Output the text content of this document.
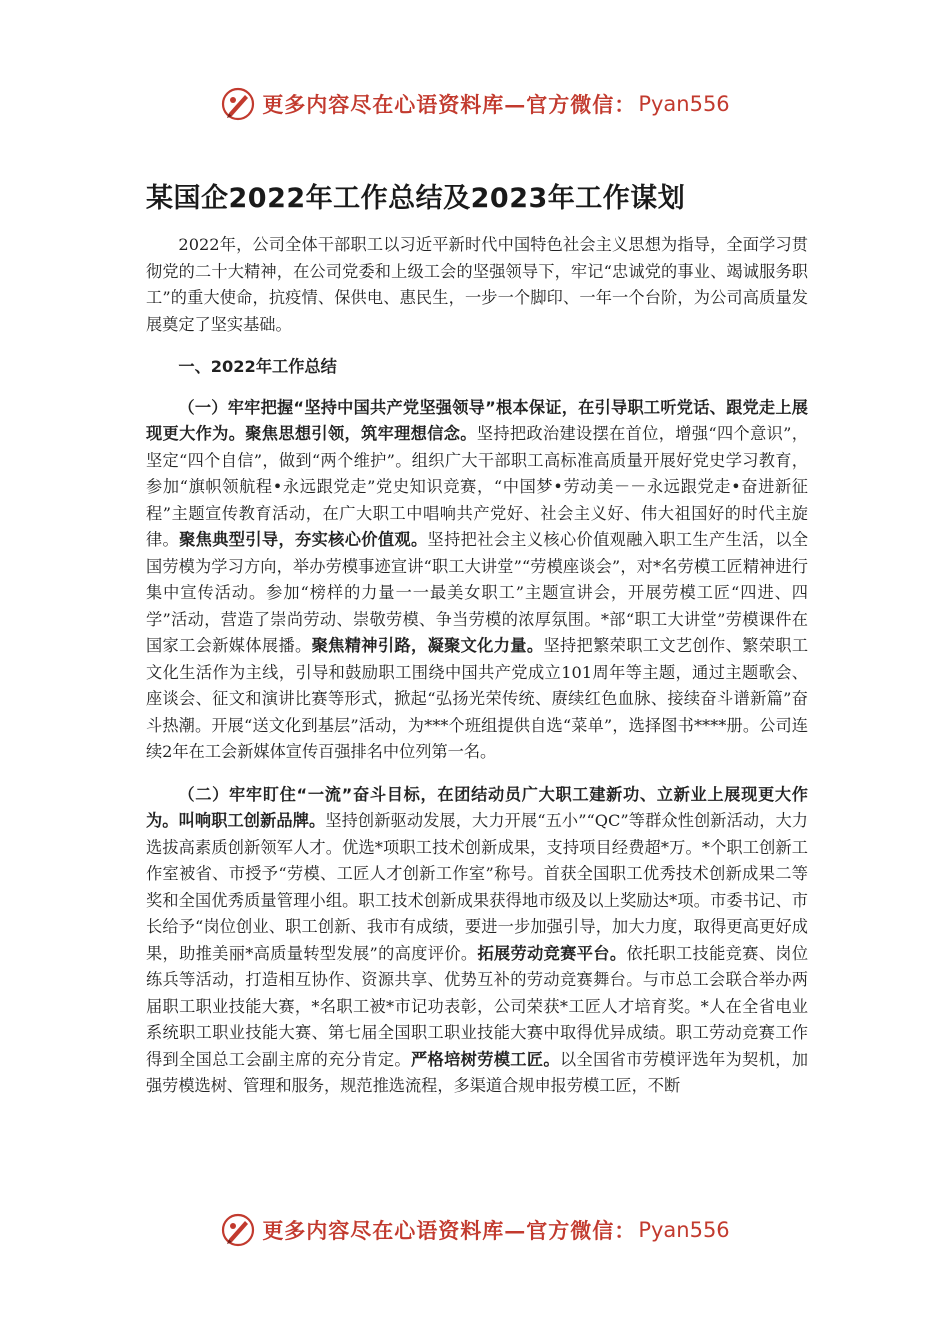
更多内容尽在心语资料库—官方微信： Pyan556
某国企2022年工作总结及2023年工作谋划

2022年，公司全体干部职工以习近平新时代中国特色社会主义思想为指导，全面学习贯彻党的二十大精神，在公司党委和上级工会的坚强领导下，牢记“忠诚党的事业、竭诚服务职工”的重大使命，抗疫情、保供电、惠民生，一步一个脚印、一年一个台阶，为公司高质量发展奠定了坚实基础。

一、2022年工作总结

（一）牢牢把握“坚持中国共产党坚强领导”根本保证，在引导职工听党话、跟党走上展现更大作为。聚焦思想引领，筑牢理想信念。坚持把政治建设摆在首位，增强“四个意识”，坚定“四个自信”，做到“两个维护”。组织广大干部职工高标准高质量开展好党史学习教育，参加“旗帜领航程•永远跟党走”党史知识竞赛，“中国梦•劳动美－－永远跟党走•奋进新征程”主题宣传教育活动，在广大职工中唱响共产党好、社会主义好、伟大祖国好的时代主旋律。聚焦典型引导，夯实核心价值观。坚持把社会主义核心价值观融入职工生产生活，以全国劳模为学习方向，举办劳模事迹宣讲“职工大讲堂”“劳模座谈会”，对*名劳模工匠精神进行集中宣传活动。参加“榜样的力量一一最美女职工”主题宣讲会，开展劳模工匠“四进、四学”活动，营造了崇尚劳动、崇敬劳模、争当劳模的浓厚氛围。*部“职工大讲堂”劳模课件在国家工会新媒体展播。聚焦精神引路，凝聚文化力量。坚持把繁荣职工文艺创作、繁荣职工文化生活作为主线，引导和鼓励职工围绕中国共产党成立101周年等主题，通过主题歌会、座谈会、征文和演讲比赛等形式，掀起“弘扬光荣传统、赓续红色血脉、接续奋斗谱新篇”奋斗热潮。开展“送文化到基层”活动，为***个班组提供自选“菜单”，选择图书****册。公司连续2年在工会新媒体宣传百强排名中位列第一名。

（二）牢牢盯住“一流”奋斗目标，在团结动员广大职工建新功、立新业上展现更大作为。叫响职工创新品牌。坚持创新驱动发展，大力开展“五小”“QC”等群众性创新活动，大力选拔高素质创新领军人才。优选*项职工技术创新成果，支持项目经费超*万。*个职工创新工作室被省、市授予“劳模、工匠人才创新工作室”称号。首获全国职工优秀技术创新成果二等奖和全国优秀质量管理小组。职工技术创新成果获得地市级及以上奖励达*项。市委书记、市长给予“岗位创业、职工创新、我市有成绩，要进一步加强引导，加大力度，取得更高更好成果，助推美丽*高质量转型发展”的高度评价。拓展劳动竞赛平台。依托职工技能竞赛、岗位练兵等活动，打造相互协作、资源共享、优势互补的劳动竞赛舞台。与市总工会联合举办两届职工职业技能大赛，*名职工被*市记功表彰，公司荣获*工匠人才培育奖。*人在全省电业系统职工职业技能大赛、第七届全国职工职业技能大赛中取得优异成绩。职工劳动竞赛工作得到全国总工会副主席的充分肯定。严格培树劳模工匠。以全国省市劳模评选年为契机，加强劳模选树、管理和服务，规范推选流程，多渠道合规申报劳模工匠，不断

更多内容尽在心语资料库—官方微信： Pyan556
